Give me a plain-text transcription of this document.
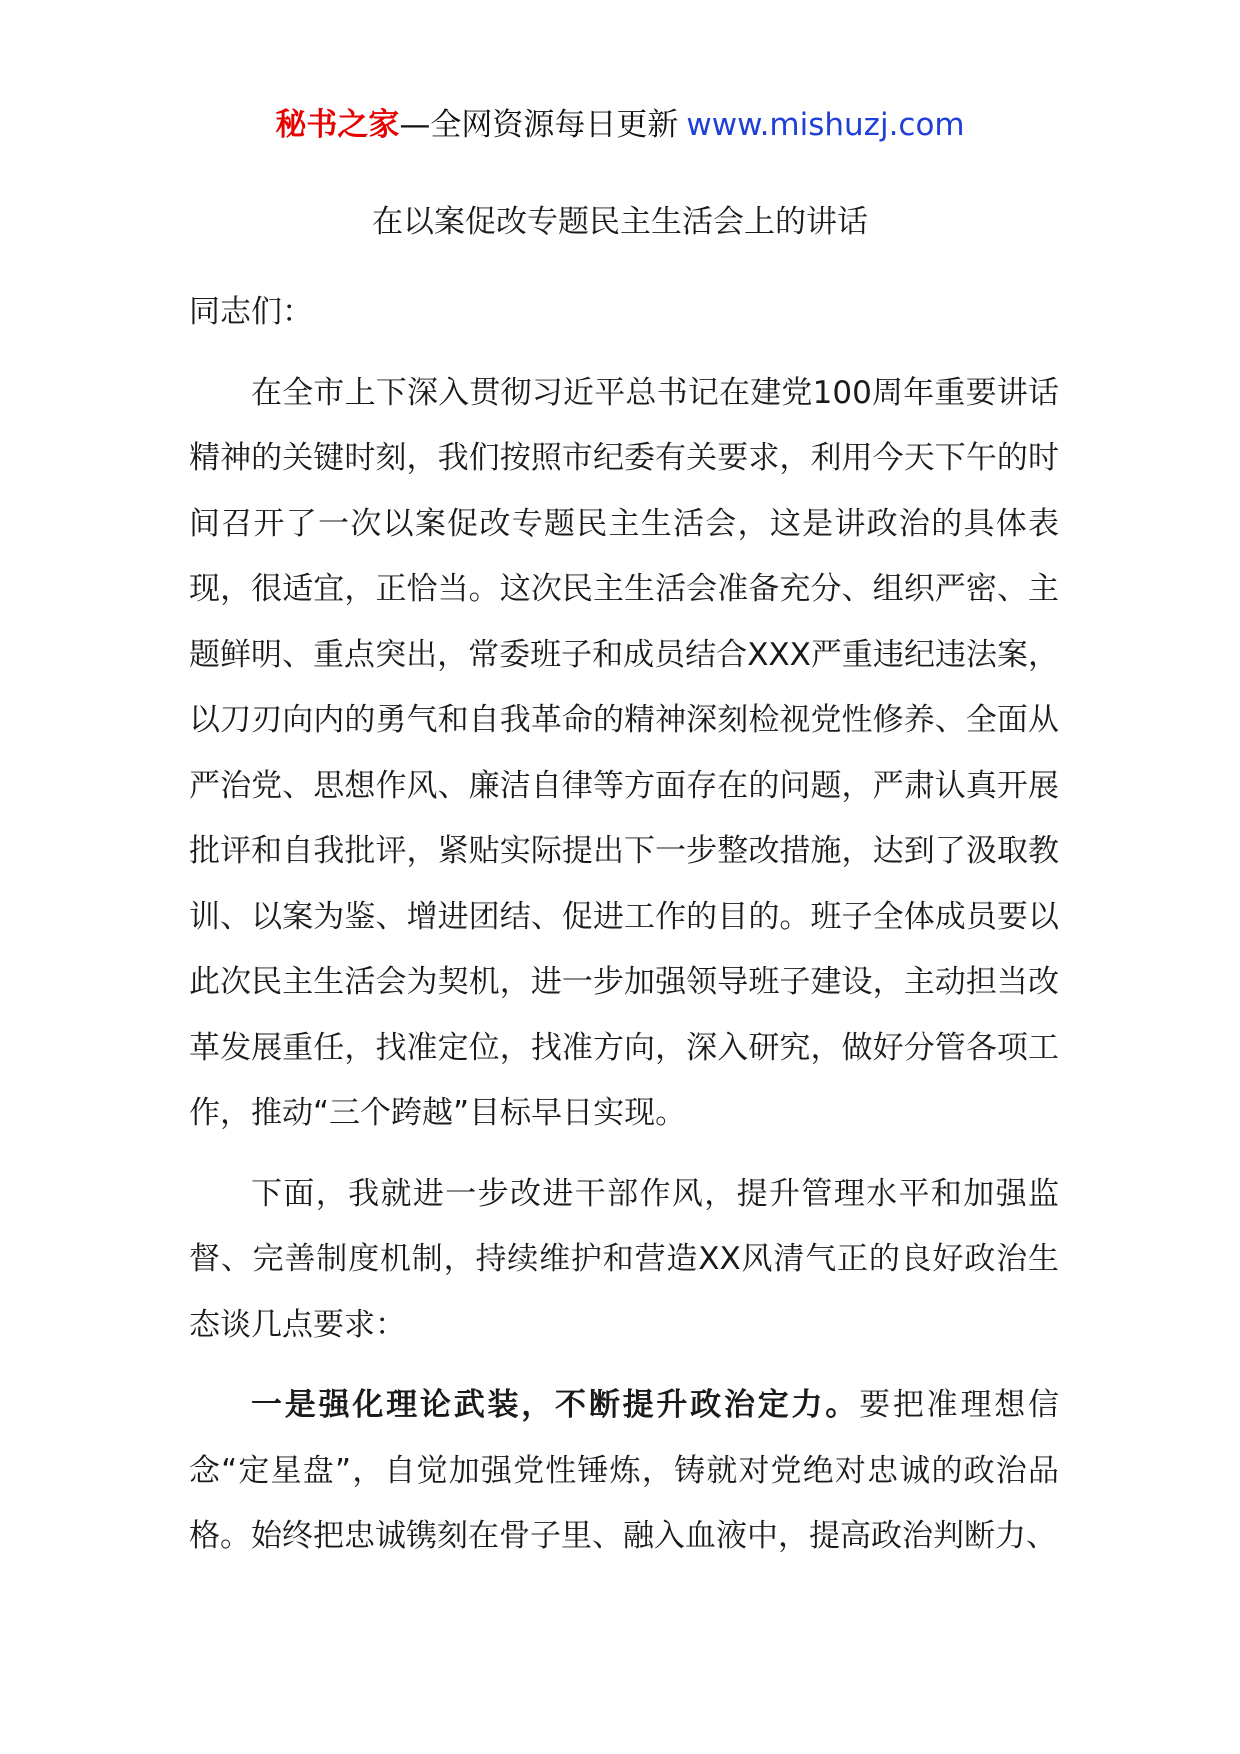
秘书之家—全网资源每日更新 www.mishuzj.com
在以案促改专题民主生活会上的讲话

同志们：

在全市上下深入贯彻习近平总书记在建党100周年重要讲话精神的关键时刻，我们按照市纪委有关要求，利用今天下午的时间召开了一次以案促改专题民主生活会，这是讲政治的具体表现，很适宜，正恰当。这次民主生活会准备充分、组织严密、主题鲜明、重点突出，常委班子和成员结合XXX严重违纪违法案，以刀刃向内的勇气和自我革命的精神深刻检视党性修养、全面从严治党、思想作风、廉洁自律等方面存在的问题，严肃认真开展批评和自我批评，紧贴实际提出下一步整改措施，达到了汲取教训、以案为鉴、增进团结、促进工作的目的。班子全体成员要以此次民主生活会为契机，进一步加强领导班子建设，主动担当改革发展重任，找准定位，找准方向，深入研究，做好分管各项工作，推动“三个跨越”目标早日实现。

下面，我就进一步改进干部作风，提升管理水平和加强监督、完善制度机制，持续维护和营造XX风清气正的良好政治生态谈几点要求：

一是强化理论武装，不断提升政治定力。要把准理想信念“定星盘”，自觉加强党性锤炼，铸就对党绝对忠诚的政治品格。始终把忠诚镌刻在骨子里、融入血液中，提高政治判断力、
